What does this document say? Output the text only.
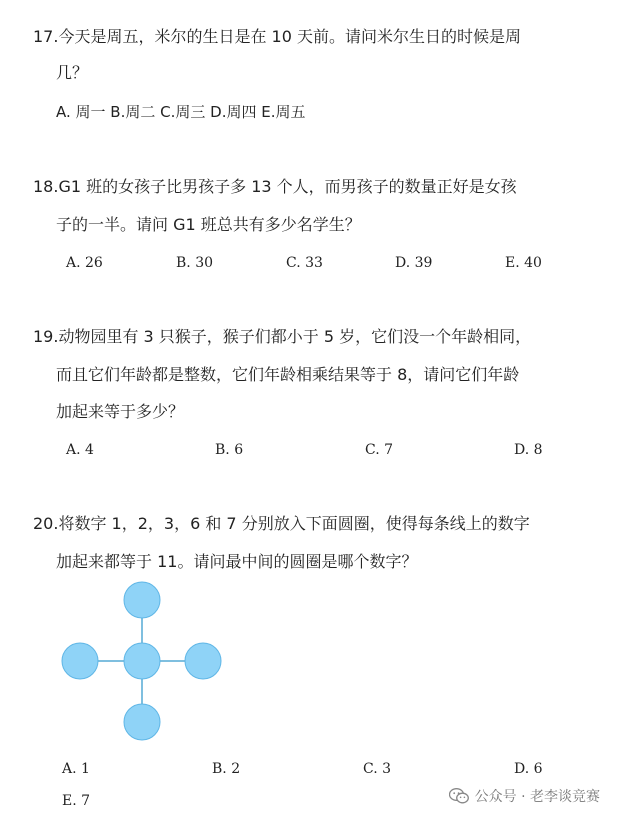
17.今天是周五，米尔的生日是在 10 天前。请问米尔生日的时候是周
几？
A. 周一 B.周二 C.周三 D.周四 E.周五
18.G1 班的女孩子比男孩子多 13 个人，而男孩子的数量正好是女孩
子的一半。请问 G1 班总共有多少名学生？
A. 26	B. 30	C. 33	D. 39	E. 40
19.动物园里有 3 只猴子，猴子们都小于 5 岁，它们没一个年龄相同，
而且它们年龄都是整数，它们年龄相乘结果等于 8，请问它们年龄
加起来等于多少？
A. 4	B. 6	C. 7	D. 8
20.将数字 1，2，3，6 和 7 分别放入下面圆圈，使得每条线上的数字
加起来都等于 11。请问最中间的圆圈是哪个数字？
A. 1	B. 2	C. 3	D. 6
E. 7	公众号 · 老李谈竞赛
